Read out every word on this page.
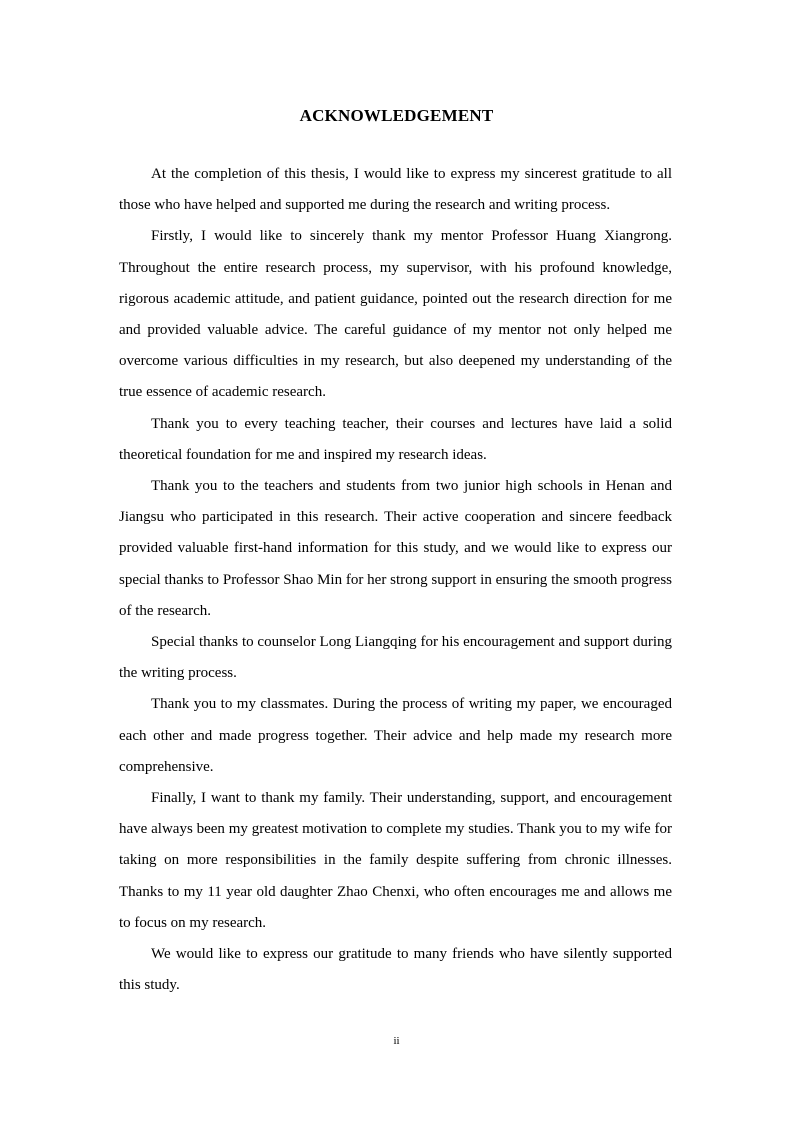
ACKNOWLEDGEMENT

At the completion of this thesis, I would like to express my sincerest gratitude to all those who have helped and supported me during the research and writing process.

Firstly, I would like to sincerely thank my mentor Professor Huang Xiangrong. Throughout the entire research process, my supervisor, with his profound knowledge, rigorous academic attitude, and patient guidance, pointed out the research direction for me and provided valuable advice. The careful guidance of my mentor not only helped me overcome various difficulties in my research, but also deepened my understanding of the true essence of academic research.

Thank you to every teaching teacher, their courses and lectures have laid a solid theoretical foundation for me and inspired my research ideas.

Thank you to the teachers and students from two junior high schools in Henan and Jiangsu who participated in this research. Their active cooperation and sincere feedback provided valuable first-hand information for this study, and we would like to express our special thanks to Professor Shao Min for her strong support in ensuring the smooth progress of the research.

Special thanks to counselor Long Liangqing for his encouragement and support during the writing process.

Thank you to my classmates. During the process of writing my paper, we encouraged each other and made progress together. Their advice and help made my research more comprehensive.

Finally, I want to thank my family. Their understanding, support, and encouragement have always been my greatest motivation to complete my studies. Thank you to my wife for taking on more responsibilities in the family despite suffering from chronic illnesses. Thanks to my 11 year old daughter Zhao Chenxi, who often encourages me and allows me to focus on my research.

We would like to express our gratitude to many friends who have silently supported this study.

ii
